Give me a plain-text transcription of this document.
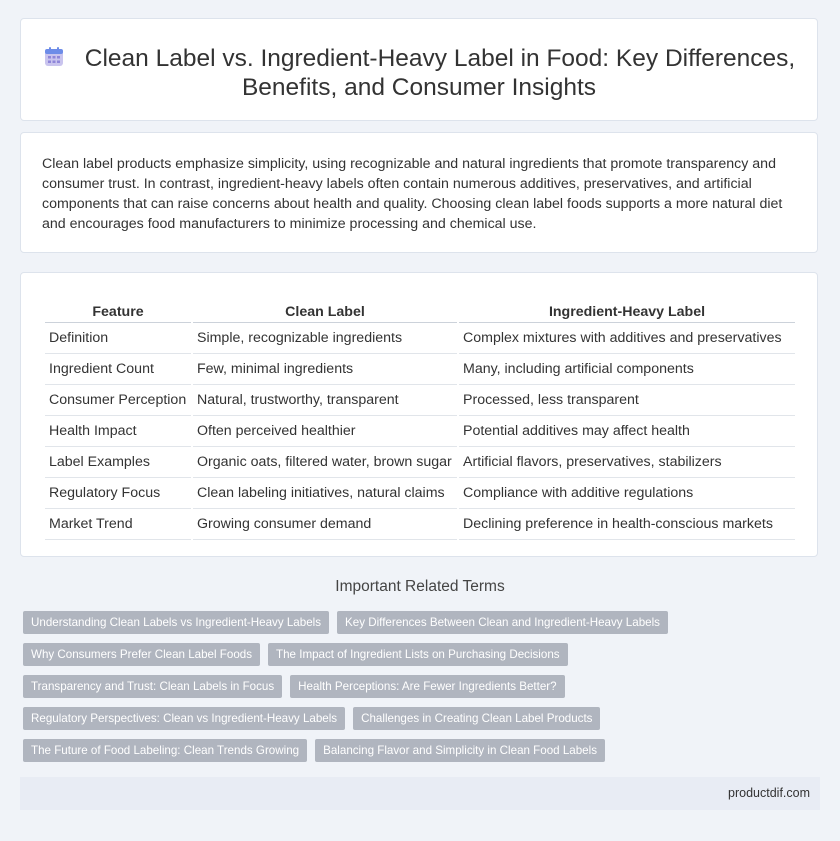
Clean Label vs. Ingredient-Heavy Label in Food: Key Differences,
Benefits, and Consumer Insights

Clean label products emphasize simplicity, using recognizable and natural ingredients that promote transparency and consumer trust. In contrast, ingredient-heavy labels often contain numerous additives, preservatives, and artificial components that can raise concerns about health and quality. Choosing clean label foods supports a more natural diet and encourages food manufacturers to minimize processing and chemical use.

Feature	Clean Label	Ingredient-Heavy Label
Definition	Simple, recognizable ingredients	Complex mixtures with additives and preservatives
Ingredient Count	Few, minimal ingredients	Many, including artificial components
Consumer Perception	Natural, trustworthy, transparent	Processed, less transparent
Health Impact	Often perceived healthier	Potential additives may affect health
Label Examples	Organic oats, filtered water, brown sugar	Artificial flavors, preservatives, stabilizers
Regulatory Focus	Clean labeling initiatives, natural claims	Compliance with additive regulations
Market Trend	Growing consumer demand	Declining preference in health-conscious markets
Important Related Terms
Understanding Clean Labels vs Ingredient-Heavy Labels	Key Differences Between Clean and Ingredient-Heavy Labels
Why Consumers Prefer Clean Label Foods	The Impact of Ingredient Lists on Purchasing Decisions
Transparency and Trust: Clean Labels in Focus	Health Perceptions: Are Fewer Ingredients Better?
Regulatory Perspectives: Clean vs Ingredient-Heavy Labels	Challenges in Creating Clean Label Products
The Future of Food Labeling: Clean Trends Growing	Balancing Flavor and Simplicity in Clean Food Labels
productdif.com
